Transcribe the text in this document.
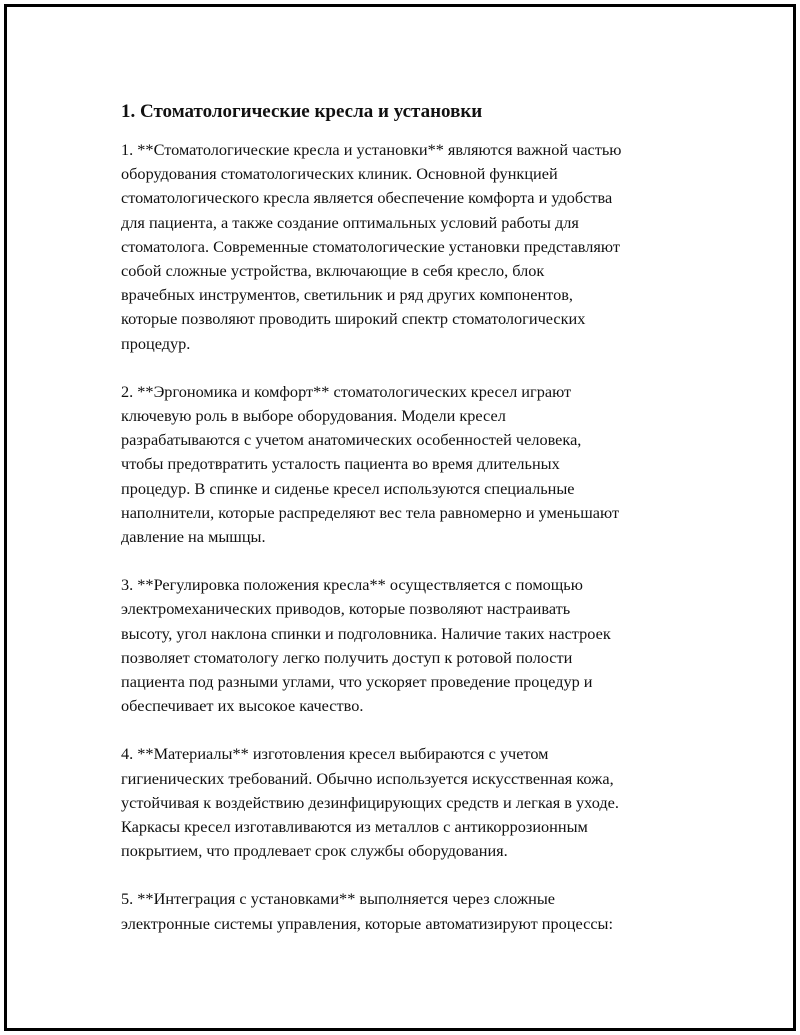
1. Стоматологические кресла и установки

1. **Стоматологические кресла и установки** являются важной частью
оборудования стоматологических клиник. Основной функцией
стоматологического кресла является обеспечение комфорта и удобства
для пациента, а также создание оптимальных условий работы для
стоматолога. Современные стоматологические установки представляют
собой сложные устройства, включающие в себя кресло, блок
врачебных инструментов, светильник и ряд других компонентов,
которые позволяют проводить широкий спектр стоматологических
процедур.

2. **Эргономика и комфорт** стоматологических кресел играют
ключевую роль в выборе оборудования. Модели кресел
разрабатываются с учетом анатомических особенностей человека,
чтобы предотвратить усталость пациента во время длительных
процедур. В спинке и сиденье кресел используются специальные
наполнители, которые распределяют вес тела равномерно и уменьшают
давление на мышцы.

3. **Регулировка положения кресла** осуществляется с помощью
электромеханических приводов, которые позволяют настраивать
высоту, угол наклона спинки и подголовника. Наличие таких настроек
позволяет стоматологу легко получить доступ к ротовой полости
пациента под разными углами, что ускоряет проведение процедур и
обеспечивает их высокое качество.

4. **Материалы** изготовления кресел выбираются с учетом
гигиенических требований. Обычно используется искусственная кожа,
устойчивая к воздействию дезинфицирующих средств и легкая в уходе.
Каркасы кресел изготавливаются из металлов с антикоррозионным
покрытием, что продлевает срок службы оборудования.

5. **Интеграция с установками** выполняется через сложные
электронные системы управления, которые автоматизируют процессы:
